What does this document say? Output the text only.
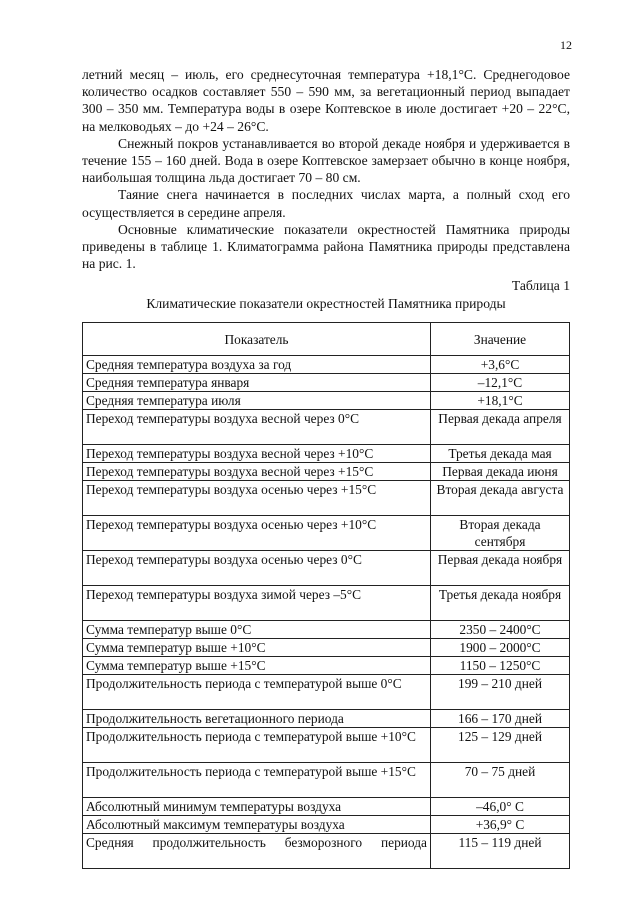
12

летний месяц – июль, его среднесуточная температура +18,1°С. Среднегодовое количество осадков составляет 550 – 590 мм, за вегетационный период выпадает 300 – 350 мм. Температура воды в озере Коптевское в июле достигает +20 – 22°С, на мелководьях – до +24 – 26°С.

Снежный покров устанавливается во второй декаде ноября и удерживается в течение 155 – 160 дней. Вода в озере Коптевское замерзает обычно в конце ноября, наибольшая толщина льда достигает 70 – 80 см.

Таяние снега начинается в последних числах марта, а полный сход его осуществляется в середине апреля.

Основные климатические показатели окрестностей Памятника природы приведены в таблице 1. Климатограмма района Памятника природы представлена на рис. 1.

Таблица 1
Климатические показатели окрестностей Памятника природы
Показатель	Значение
Средняя температура воздуха за год	+3,6°С
Средняя температура января	–12,1°С
Средняя температура июля	+18,1°С
Переход температуры воздуха весной через 0°С	Первая декада апреля
Переход температуры воздуха весной через +10°С	Третья декада мая
Переход температуры воздуха весной через +15°С	Первая декада июня
Переход температуры воздуха осенью через +15°С	Вторая декада августа
Переход температуры воздуха осенью через +10°С	Вторая декада сентября
Переход температуры воздуха осенью через 0°С	Первая декада ноября
Переход температуры воздуха зимой через –5°С	Третья декада ноября
Сумма температур выше 0°С	2350 – 2400°С
Сумма температур выше +10°С	1900 – 2000°С
Сумма температур выше +15°С	1150 – 1250°С
Продолжительность периода с температурой выше 0°С	199 – 210 дней
Продолжительность вегетационного периода	166 – 170 дней
Продолжительность периода с температурой выше +10°С	125 – 129 дней
Продолжительность периода с температурой выше +15°С	70 – 75 дней
Абсолютный минимум температуры воздуха	–46,0° С
Абсолютный максимум температуры воздуха	+36,9° С
Средняя продолжительность безморозного периода	115 – 119 дней
